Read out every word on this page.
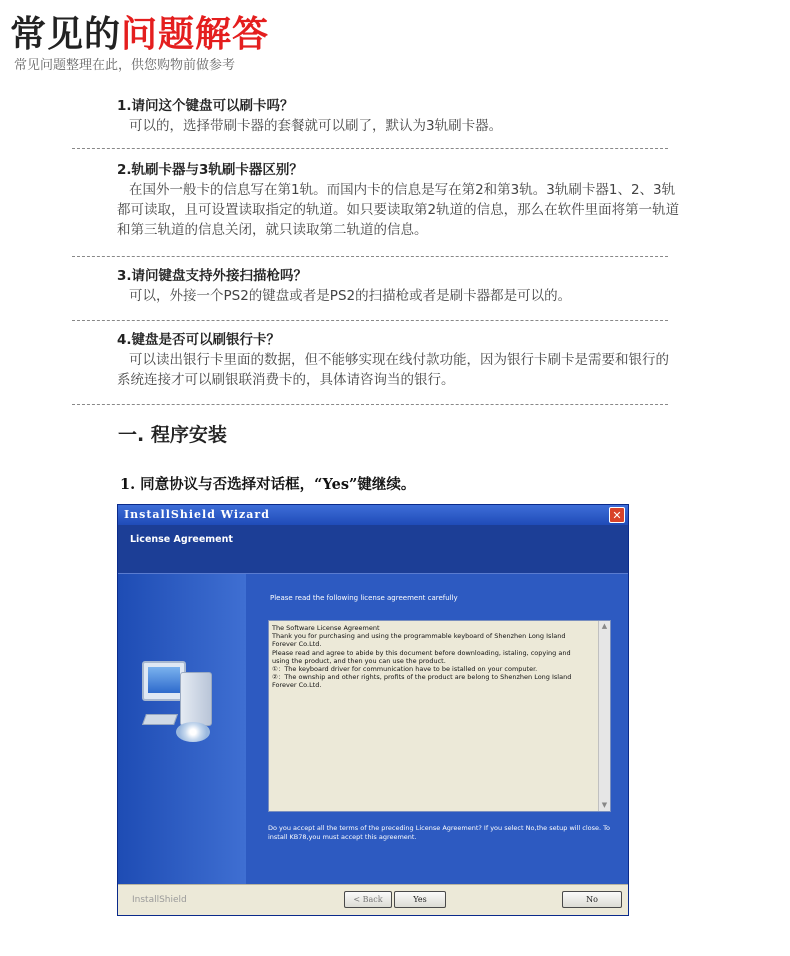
常见的问题解答
常见问题整理在此，供您购物前做参考
1.请问这个键盘可以刷卡吗？
可以的，选择带刷卡器的套餐就可以刷了，默认为3轨刷卡器。
2.轨刷卡器与3轨刷卡器区别？
在国外一般卡的信息写在第1轨。而国内卡的信息是写在第2和第3轨。3轨刷卡器1、2、3轨都可读取，且可设置读取指定的轨道。如只要读取第2轨道的信息，那么在软件里面将第一轨道和第三轨道的信息关闭，就只读取第二轨道的信息。
3.请问键盘支持外接扫描枪吗？
可以，外接一个PS2的键盘或者是PS2的扫描枪或者是刷卡器都是可以的。
4.键盘是否可以刷银行卡？
可以读出银行卡里面的数据，但不能够实现在线付款功能，因为银行卡刷卡是需要和银行的系统连接才可以刷银联消费卡的，具体请咨询当的银行。
一. 程序安装
1. 同意协议与否选择对话框，“Yes”键继续。
InstallShield Wizard	✕
License Agreement
Please read the following license agreement carefully
The Software License Agreement
Thank you for purchasing and using the programmable keyboard of Shenzhen Long Island
Forever Co.Ltd.
Please read and agree to abide by this document before downloading, istaling, copying and
using the product, and then you can use the product.
①：The keyboard driver for communication have to be istalled on your computer.
②：The ownship and other rights, profits of the product are belong to Shenzhen Long Island
Forever Co.Ltd.
▲
▼
Do you accept all the terms of the preceding License Agreement? If you select No,the setup will close. To install KB78,you must accept this agreement.
InstallShield	< Back	Yes	No
